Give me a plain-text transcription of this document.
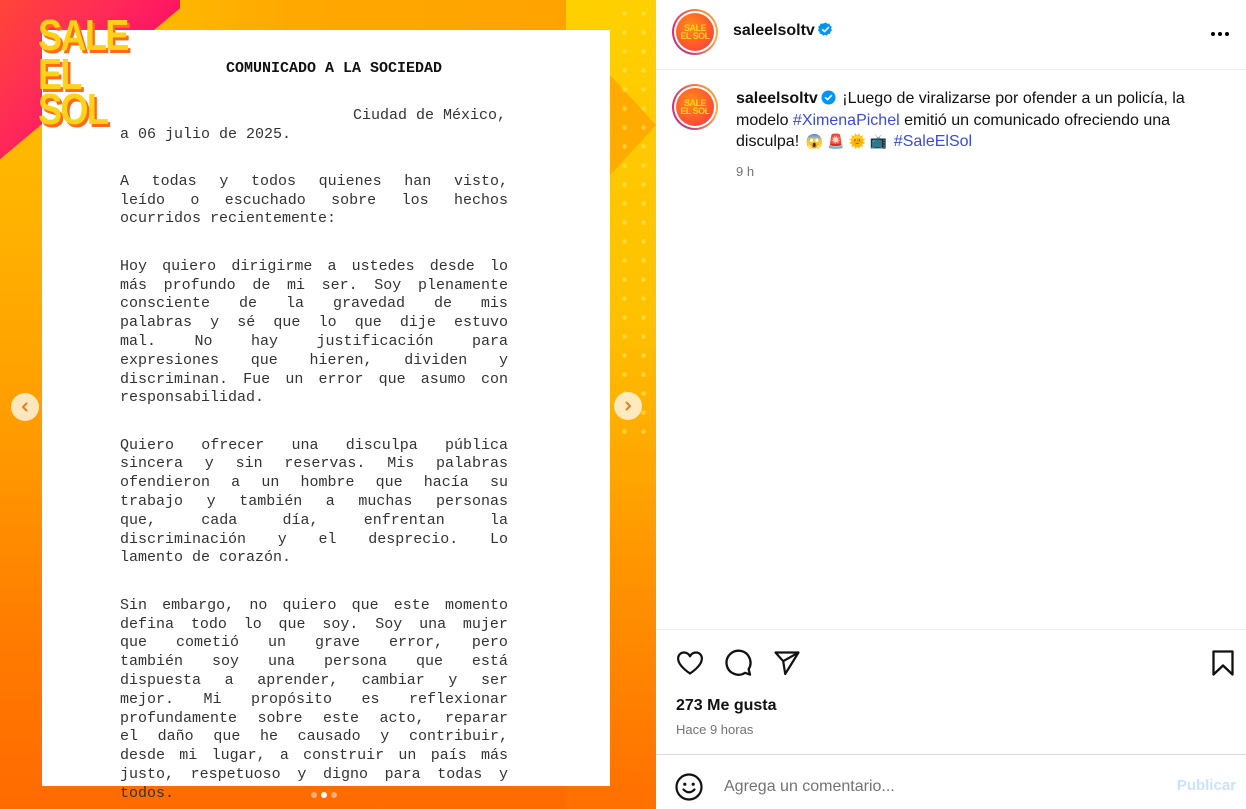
COMUNICADO A LA SOCIEDAD
Ciudad de México,
a 06 julio de 2025.
A todas y todos quienes han visto,
leído o escuchado sobre los hechos
ocurridos recientemente:
Hoy quiero dirigirme a ustedes desde lo
más profundo de mi ser. Soy plenamente
consciente de la gravedad de mis
palabras y sé que lo que dije estuvo
mal.	No	hay	justificación	para
expresiones que hieren, dividen y
discriminan. Fue un error que asumo con
responsabilidad.
Quiero ofrecer una disculpa pública
sincera y sin reservas. Mis palabras
ofendieron a un hombre que hacía su
trabajo y también a muchas personas
que,	cada	día,	enfrentan	la
discriminación y el desprecio. Lo
lamento de corazón.
Sin embargo, no quiero que este momento
defina todo lo que soy. Soy una mujer
que cometió un grave error, pero
también soy una persona que está
dispuesta a aprender, cambiar y ser
mejor. Mi propósito es reflexionar
profundamente sobre este acto, reparar
el daño que he causado y contribuir,
desde mi lugar, a construir un país más
justo, respetuoso y digno para todas y
todos.
SALE
EL SOL
SALE
EL SOL saleelsoltv
SALE
EL SOL
saleelsoltv ¡Luego de viralizarse por ofender a un policía, la modelo #XimenaPichel emitió un comunicado ofreciendo una disculpa! 😱 🚨 🌞 📺 #SaleElSol
9 h
273 Me gusta
Hace 9 horas
Agrega un comentario...
Publicar
